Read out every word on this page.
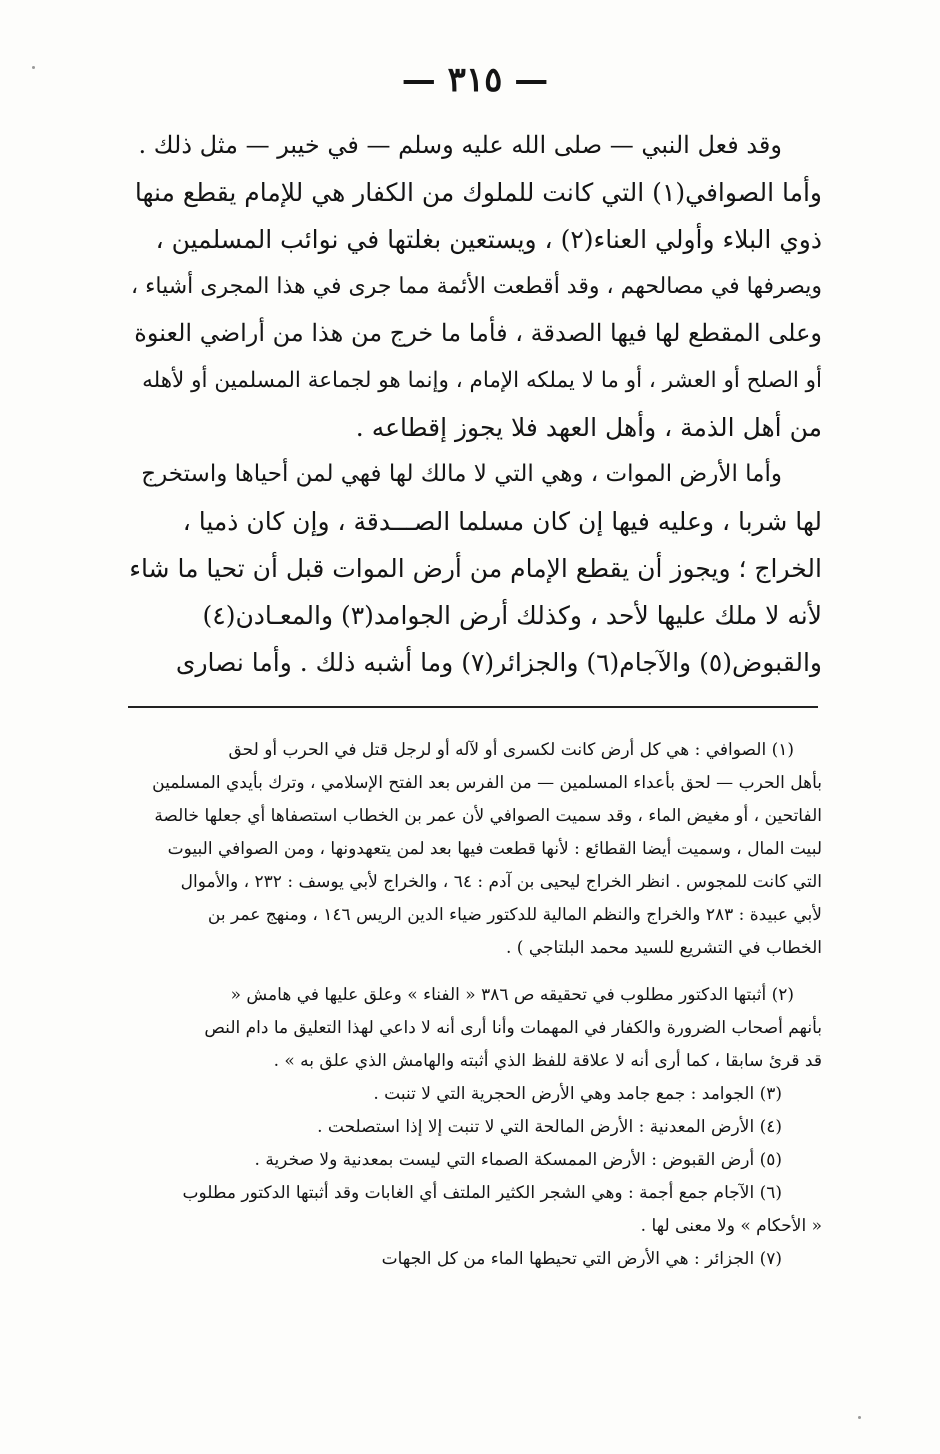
— ٣١٥ —

وقد فعل النبي — صلى الله عليه وسلم — في خيبر — مثل ذلك .

وأما الصوافي(١) التي كانت للملوك من الكفار هي للإمام يقطع منها

ذوي البلاء وأولي العناء(٢) ، ويستعين بغلتها في نوائب المسلمين ،

ويصرفها في مصالحهم ، وقد أقطعت الأئمة مما جرى في هذا المجرى أشياء ،

وعلى المقطع لها فيها الصدقة ، فأما ما خرج من هذا من أراضي العنوة

أو الصلح أو العشر ، أو ما لا يملكه الإمام ، وإنما هو لجماعة المسلمين أو لأهله

من أهل الذمة ، وأهل العهد فلا يجوز إقطاعه .

وأما الأرض الموات ، وهي التي لا مالك لها فهي لمن أحياها واستخرج

لها شربا ، وعليه فيها إن كان مسلما الصـــدقة ، وإن كان ذميا ،

الخراج ؛ ويجوز أن يقطع الإمام من أرض الموات قبل أن تحيا ما شاء

لأنه لا ملك عليها لأحد ، وكذلك أرض الجوامد(٣) والمعـادن(٤)

والقبوض(٥) والآجام(٦) والجزائر(٧) وما أشبه ذلك . وأما نصارى

(١) الصوافي : هي كل أرض كانت لكسرى أو لآله أو لرجل قتل في الحرب أو لحق

بأهل الحرب — لحق بأعداء المسلمين — من الفرس بعد الفتح الإسلامي ، وترك بأيدي المسلمين

الفاتحين ، أو مغيض الماء ، وقد سميت الصوافي لأن عمر بن الخطاب استصفاها أي جعلها خالصة

لبيت المال ، وسميت أيضا القطائع : لأنها قطعت فيها بعد لمن يتعهدونها ، ومن الصوافي البيوت

التي كانت للمجوس . انظر الخراج ليحيى بن آدم : ٦٤ ، والخراج لأبي يوسف : ٢٣٢ ، والأموال

لأبي عبيدة : ٢٨٣ والخراج والنظم المالية للدكتور ضياء الدين الريس ١٤٦ ، ومنهج عمر بن

الخطاب في التشريع للسيد محمد البلتاجي ) .

(٢) أثبتها الدكتور مطلوب في تحقيقه ص ٣٨٦ « الفناء » وعلق عليها في هامش «

بأنهم أصحاب الضرورة والكفار في المهمات وأنا أرى أنه لا داعي لهذا التعليق ما دام النص

قد قرئ سابقا ، كما أرى أنه لا علاقة للفظ الذي أثبته والهامش الذي علق به » .

(٣) الجوامد : جمع جامد وهي الأرض الحجرية التي لا تنبت .

(٤) الأرض المعدنية : الأرض المالحة التي لا تنبت إلا إذا استصلحت .

(٥) أرض القبوض : الأرض الممسكة الصماء التي ليست بمعدنية ولا صخرية .

(٦) الآجام جمع أجمة : وهي الشجر الكثير الملتف أي الغابات وقد أثبتها الدكتور مطلوب

« الأحكام » ولا معنى لها .

(٧) الجزائر : هي الأرض التي تحيطها الماء من كل الجهات
